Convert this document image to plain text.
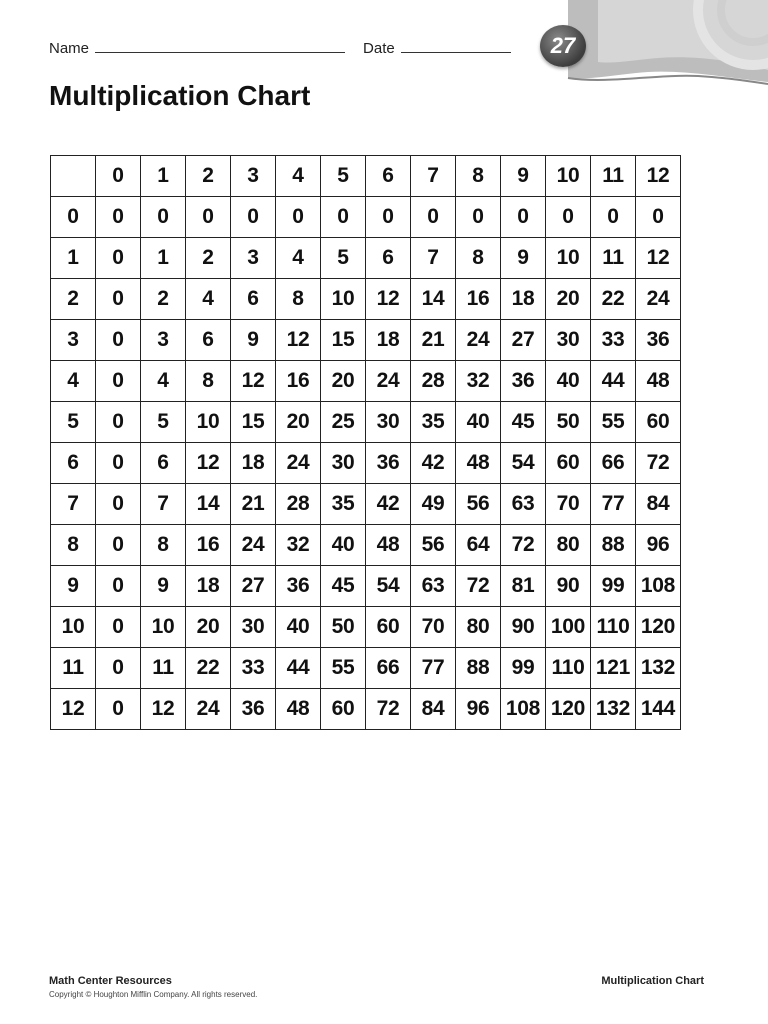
27
Name	Date
Multiplication Chart
	0	1	2	3	4	5	6	7	8	9	10	11	12
0	0	0	0	0	0	0	0	0	0	0	0	0	0
1	0	1	2	3	4	5	6	7	8	9	10	11	12
2	0	2	4	6	8	10	12	14	16	18	20	22	24
3	0	3	6	9	12	15	18	21	24	27	30	33	36
4	0	4	8	12	16	20	24	28	32	36	40	44	48
5	0	5	10	15	20	25	30	35	40	45	50	55	60
6	0	6	12	18	24	30	36	42	48	54	60	66	72
7	0	7	14	21	28	35	42	49	56	63	70	77	84
8	0	8	16	24	32	40	48	56	64	72	80	88	96
9	0	9	18	27	36	45	54	63	72	81	90	99	108
10	0	10	20	30	40	50	60	70	80	90	100	110	120
11	0	11	22	33	44	55	66	77	88	99	110	121	132
12	0	12	24	36	48	60	72	84	96	108	120	132	144
Math Center Resources
Copyright © Houghton Mifflin Company. All rights reserved.
Multiplication Chart
